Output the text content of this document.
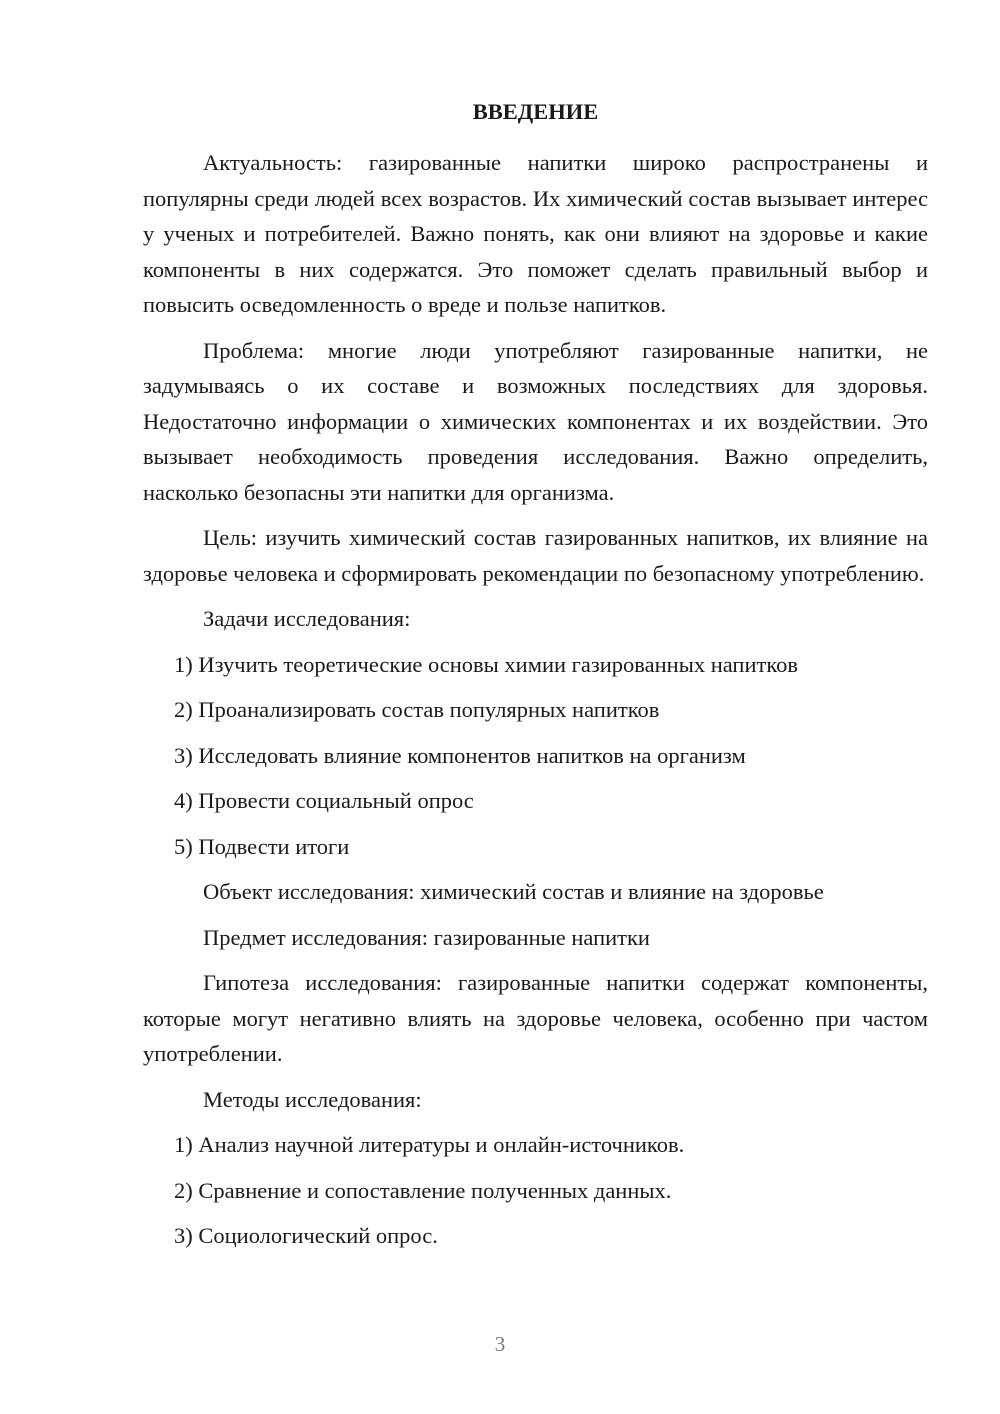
ВВЕДЕНИЕ

Актуальность: газированные напитки широко распространены и популярны среди людей всех возрастов. Их химический состав вызывает интерес у ученых и потребителей. Важно понять, как они влияют на здоровье и какие компоненты в них содержатся. Это поможет сделать правильный выбор и повысить осведомленность о вреде и пользе напитков.

Проблема: многие люди употребляют газированные напитки, не задумываясь о их составе и возможных последствиях для здоровья. Недостаточно информации о химических компонентах и их воздействии. Это вызывает необходимость проведения исследования. Важно определить, насколько безопасны эти напитки для организма.

Цель: изучить химический состав газированных напитков, их влияние на здоровье человека и сформировать рекомендации по безопасному употреблению.

Задачи исследования:
1) Изучить теоретические основы химии газированных напитков
2) Проанализировать состав популярных напитков
3) Исследовать влияние компонентов напитков на организм
4) Провести социальный опрос
5) Подвести итоги
Объект исследования: химический состав и влияние на здоровье
Предмет исследования: газированные напитки

Гипотеза исследования: газированные напитки содержат компоненты, которые могут негативно влиять на здоровье человека, особенно при частом употреблении.

Методы исследования:
1) Анализ научной литературы и онлайн-источников.
2) Сравнение и сопоставление полученных данных.
3) Социологический опрос.
3
